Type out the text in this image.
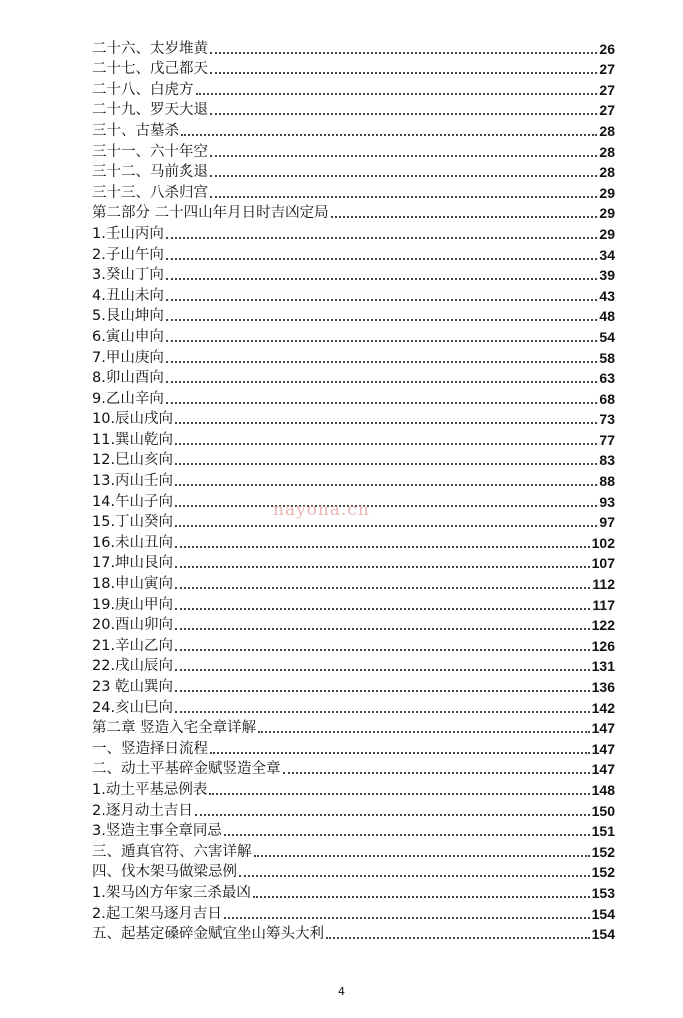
二十六、太岁堆黄	26
二十七、戊己都天	27
二十八、白虎方	27
二十九、罗天大退	27
三十、古墓杀	28
三十一、六十年空	28
三十二、马前炙退	28
三十三、八杀归宫	29
第二部分 二十四山年月日时吉凶定局	29
1.壬山丙向	29
2.子山午向	34
3.癸山丁向	39
4.丑山未向	43
5.艮山坤向	48
6.寅山申向	54
7.甲山庚向	58
8.卯山酉向	63
9.乙山辛向	68
10.辰山戌向	73
11.巽山乾向	77
12.巳山亥向	83
13.丙山壬向	88
14.午山子向	93
15.丁山癸向	97
16.未山丑向	102
17.坤山艮向	107
18.申山寅向	112
19.庚山甲向	117
20.酉山卯向	122
21.辛山乙向	126
22.戌山辰向	131
23 乾山巽向	136
24.亥山巳向	142
第二章 竖造入宅全章详解	147
一、竖造择日流程	147
二、动土平基碎金赋竖造全章	147
1.动土平基忌例表	148
2.逐月动土吉日	150
3.竖造主事全章同忌	151
三、遁真官符、六害详解	152
四、伐木架马做梁忌例	152
1.架马凶方年家三杀最凶	153
2.起工架马逐月吉日	154
五、起基定磉碎金赋宜坐山筹头大利	154
nayona.cn
4
